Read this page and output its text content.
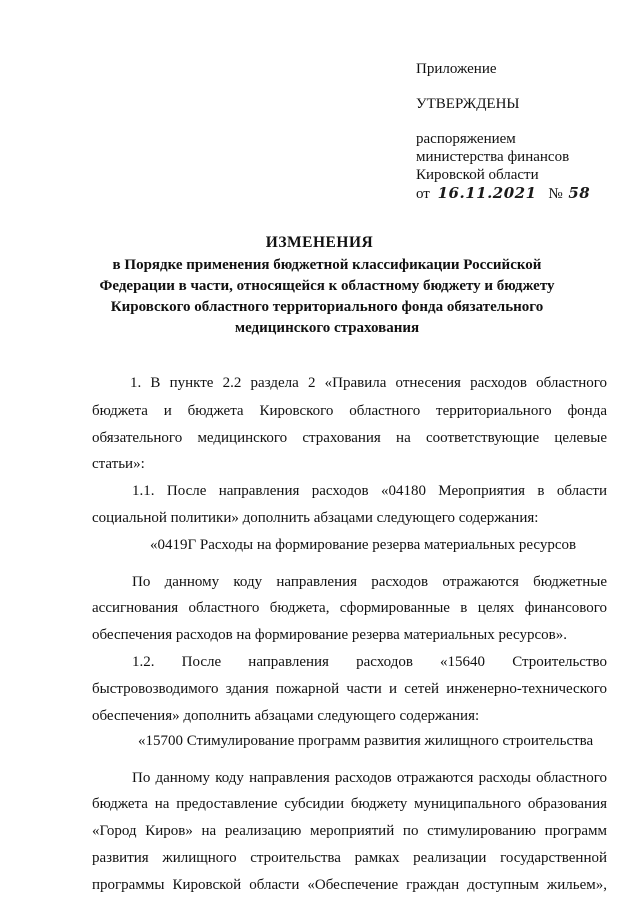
Приложение
УТВЕРЖДЕНЫ
распоряжением
министерства финансов
Кировской области
от 16.11.2021 № 58
ИЗМЕНЕНИЯ
в Порядке применения бюджетной классификации Российской
Федерации в части, относящейся к областному бюджету и бюджету
Кировского областного территориального фонда обязательного
медицинского страхования
1. В пункте 2.2 раздела 2 «Правила отнесения расходов областного
бюджета и бюджета Кировского областного территориального фонда
обязательного медицинского страхования на соответствующие целевые
статьи»:
1.1. После направления расходов «04180 Мероприятия в области
социальной политики» дополнить абзацами следующего содержания:
«0419Г Расходы на формирование резерва материальных ресурсов
По данному коду направления расходов отражаются бюджетные
ассигнования областного бюджета, сформированные в целях финансового
обеспечения расходов на формирование резерва материальных ресурсов».
1.2. После направления расходов «15640 Строительство
быстровозводимого здания пожарной части и сетей инженерно-технического
обеспечения» дополнить абзацами следующего содержания:
«15700 Стимулирование программ развития жилищного строительства
По данному коду направления расходов отражаются расходы областного
бюджета на предоставление субсидии бюджету муниципального образования
«Город Киров» на реализацию мероприятий по стимулированию программ
развития жилищного строительства рамках реализации государственной
программы Кировской области «Обеспечение граждан доступным жильем»,
